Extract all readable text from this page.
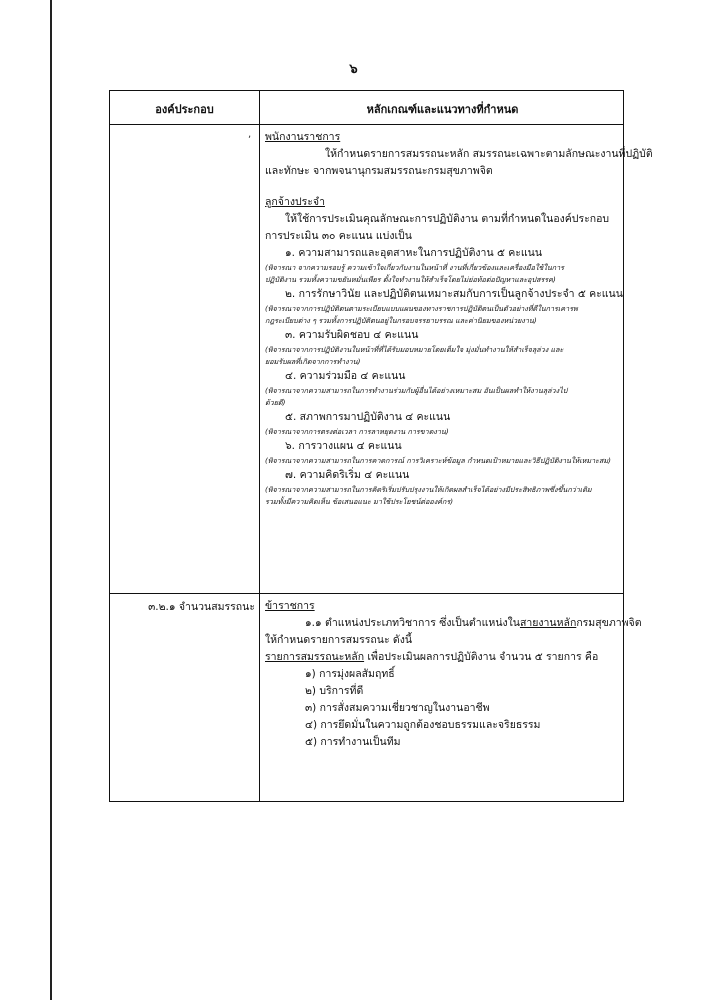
๖
องค์ประกอบ	หลักเกณฑ์และแนวทางที่กำหนด
, พนักงานราชการ

ให้กำหนดรายการสมรรถนะหลัก สมรรถนะเฉพาะตามลักษณะงานที่ปฏิบัติ

และทักษะ จากพจนานุกรมสมรรถนะกรมสุขภาพจิต

ลูกจ้างประจำ

ให้ใช้การประเมินคุณลักษณะการปฏิบัติงาน ตามที่กำหนดในองค์ประกอบ

การประเมิน ๓๐ คะแนน แบ่งเป็น

๑. ความสามารถและอุตสาหะในการปฏิบัติงาน ๕ คะแนน

(พิจารณา จากความรอบรู้ ความเข้าใจเกี่ยวกับงานในหน้าที่ งานที่เกี่ยวข้องและเครื่องมือใช้ในการ

ปฏิบัติงาน รวมทั้งความขยันหมั่นเพียร ตั้งใจทำงานให้สำเร็จโดยไม่ย่อท้อต่อปัญหาและอุปสรรค)

๒. การรักษาวินัย และปฏิบัติตนเหมาะสมกับการเป็นลูกจ้างประจำ ๕ คะแนน

(พิจารณาจากการปฏิบัติตนตามระเบียบแบบแผนของทางราชการปฏิบัติตนเป็นตัวอย่างที่ดีในการเคารพ

กฎระเบียบต่าง ๆ รวมทั้งการปฏิบัติตนอยู่ในกรอบจรรยาบรรณ และค่านิยมของหน่วยงาน)

๓. ความรับผิดชอบ ๔ คะแนน

(พิจารณาจากการปฏิบัติงานในหน้าที่ที่ได้รับมอบหมายโดยเต็มใจ มุ่งมั่นทำงานให้สำเร็จลุล่วง และ

ยอมรับผลที่เกิดจากการทำงาน)

๔. ความร่วมมือ ๔ คะแนน

(พิจารณาจากความสามารถในการทำงานร่วมกับผู้อื่นได้อย่างเหมาะสม อันเป็นผลทำให้งานลุล่วงไป

ด้วยดี)

๕. สภาพการมาปฏิบัติงาน ๔ คะแนน

(พิจารณาจากการตรงต่อเวลา การลาหยุดงาน การขาดงาน)

๖. การวางแผน ๔ คะแนน

(พิจารณาจากความสามารถในการคาดการณ์ การวิเคราะห์ข้อมูล กำหนดเป้าหมายและวิธีปฏิบัติงานให้เหมาะสม)

๗. ความคิดริเริ่ม ๔ คะแนน

(พิจารณาจากความสามารถในการคิดริเริ่มปรับปรุงงานให้เกิดผลสำเร็จได้อย่างมีประสิทธิภาพซึ่งขึ้นกว่าเดิม

รวมทั้งมีความคิดเห็น ข้อเสนอแนะ มาใช้ประโยชน์ต่อองค์กร)

๓.๒.๑ จำนวนสมรรถนะ ข้าราชการ

๑.๑ ตำแหน่งประเภทวิชาการ ซึ่งเป็นตำแหน่งในสายงานหลักกรมสุขภาพจิต

ให้กำหนดรายการสมรรถนะ ดังนี้

รายการสมรรถนะหลัก เพื่อประเมินผลการปฏิบัติงาน จำนวน ๕ รายการ คือ

๑) การมุ่งผลสัมฤทธิ์

๒) บริการที่ดี

๓) การสั่งสมความเชี่ยวชาญในงานอาชีพ

๔) การยึดมั่นในความถูกต้องชอบธรรมและจริยธรรม

๕) การทำงานเป็นทีม
